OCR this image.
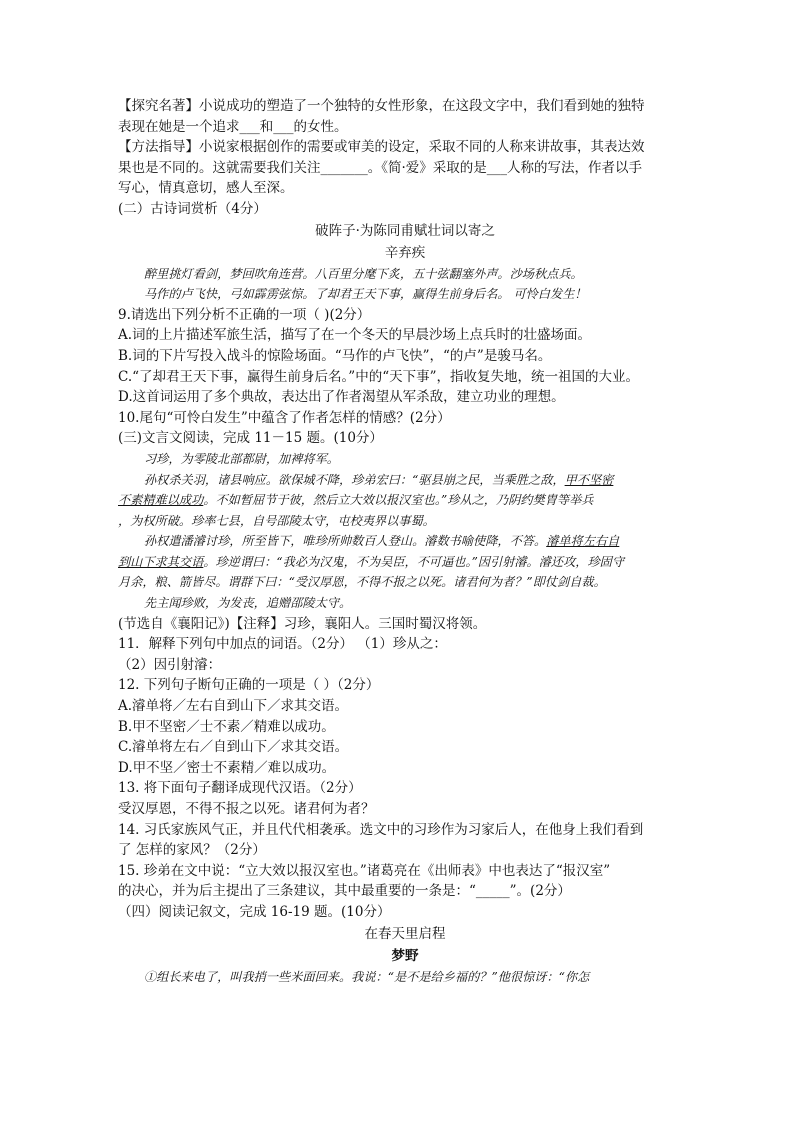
【探究名著】小说成功的塑造了一个独特的女性形象，在这段文字中，我们看到她的独特
表现在她是一个追求___和___的女性。
【方法指导】小说家根据创作的需要或审美的设定，采取不同的人称来讲故事，其表达效
果也是不同的。这就需要我们关注_______。《简·爱》采取的是___人称的写法，作者以手
写心，情真意切，感人至深。
(二）古诗词赏析（4分）
破阵子·为陈同甫赋壮词以寄之
辛弃疾
醉里挑灯看剑，梦回吹角连营。八百里分麾下炙，五十弦翻塞外声。沙场秋点兵。
马作的卢飞快，弓如霹雳弦惊。了却君王天下事，赢得生前身后名。 可怜白发生！
9.请选出下列分析不正确的一项（ )(2分）
A.词的上片描述军旅生活，描写了在一个冬天的早晨沙场上点兵时的壮盛场面。
B.词的下片写投入战斗的惊险场面。“马作的卢飞快”，“的卢”是骏马名。
C.“了却君王天下事，赢得生前身后名。”中的“天下事”，指收复失地，统一祖国的大业。
D.这首词运用了多个典故，表达出了作者渴望从军杀敌，建立功业的理想。
10.尾句“可怜白发生”中蕴含了作者怎样的情感？(2分）
(三)文言文阅读，完成 11－15 题。(10分）
习珍，为零陵北部都尉，加裨将军。
孙权杀关羽，诸县响应。欲保城不降，珍弟宏曰：“驱县崩之民，当乘胜之敌，甲不坚密
不素精难以成功。不如暂屈节于彼，然后立大效以报汉室也。”珍从之，乃阴约樊胄等举兵
，为权所破。珍率七县，自号邵陵太守，屯校夷界以事蜀。
孙权遣潘濬讨珍，所至皆下，唯珍所帅数百人登山。濬数书喻使降，不答。濬单将左右自
到山下求其交语。珍逆谓曰：“我必为汉鬼，不为吴臣，不可逼也。”因引射濬。濬还攻，珍固守
月余，粮、箭皆尽。谓群下曰：“受汉厚恩，不得不报之以死。诸君何为者？”即仗剑自裁。
先主闻珍败，为发丧，追赠邵陵太守。
(节选自《襄阳记》)【注释】习珍，襄阳人。三国时蜀汉将领。
11．解释下列句中加点的词语。（2分） （1）珍从之：
（2）因引射濬：
12. 下列句子断句正确的一项是（ ）（2分）
A.濬单将／左右自到山下／求其交语。
B.甲不坚密／士不素／精难以成功。
C.濬单将左右／自到山下／求其交语。
D.甲不坚／密士不素精／难以成功。
13. 将下面句子翻译成现代汉语。（2分）
受汉厚恩，不得不报之以死。诸君何为者？
14. 习氏家族风气正，并且代代相袭承。选文中的习珍作为习家后人，在他身上我们看到
了 怎样的家风？（2分）
15. 珍弟在文中说：“立大效以报汉室也。”诸葛亮在《出师表》中也表达了“报汉室”
的决心，并为后主提出了三条建议，其中最重要的一条是：“_____”。(2分）
（四）阅读记叙文，完成 16-19 题。(10分）
在春天里启程
梦野
①组长来电了，叫我捎一些米面回来。我说：“是不是给乡福的？”他很惊讶：“你怎
